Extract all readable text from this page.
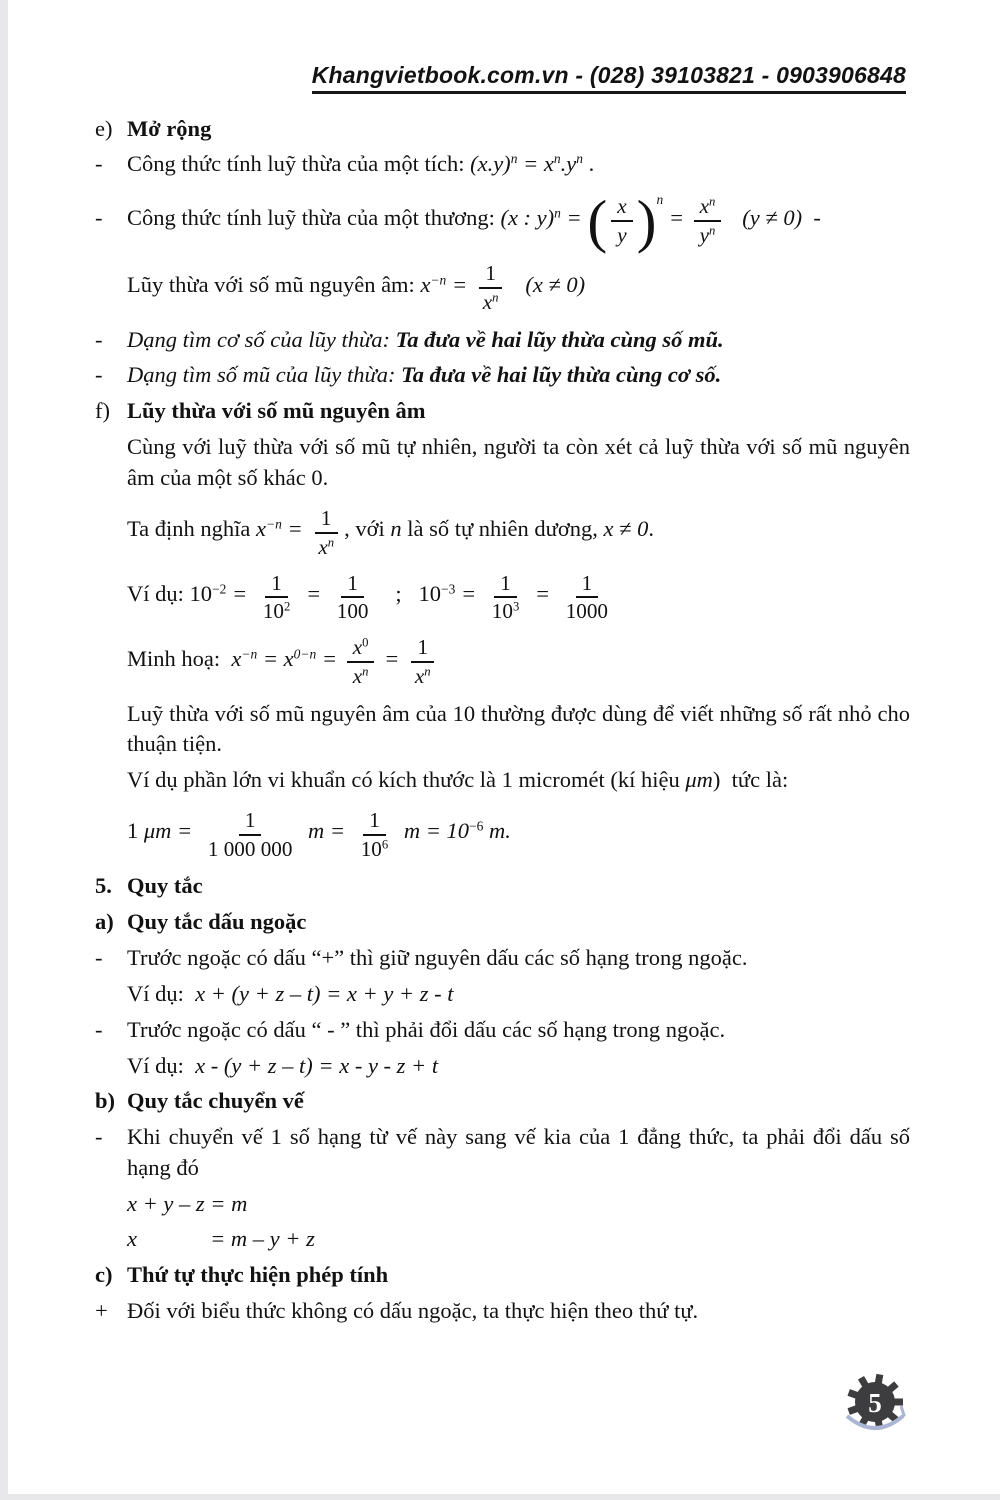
Khangvietbook.com.vn - (028) 39103821 - 0903906848
e) Mở rộng
-	Công thức tính luỹ thừa của một tích: $(x.y)^n = x^n.y^n$ .
-	Công thức tính luỹ thừa của một thương: (x : y)$^n$ = ( $\frac{x}{y} )^n = \frac{x^n}{y^n} (y \ne 0)$  -
Lũy thừa với số mũ nguyên âm: $x^{-n} = \frac{1}{x^n} (x \ne 0)$
-	Dạng tìm cơ số của lũy thừa: Ta đưa về hai lũy thừa cùng số mũ.
-	Dạng tìm số mũ của lũy thừa: Ta đưa về hai lũy thừa cùng cơ số.
f) Lũy thừa với số mũ nguyên âm
Cùng với luỹ thừa với số mũ tự nhiên, người ta còn xét cả luỹ thừa với số mũ nguyên âm của một số khác 0.
Ta định nghĩa $x^{-n} = \frac{1}{x^n}$ , với n là số tự nhiên dương, x ≠ 0.
Ví dụ: $10^{-2} = \frac{1}{10^2} = \frac{1}{100}$ ;   $10^{-3} = \frac{1}{10^3} = \frac{1}{1000}$
Minh hoạ:  $x^{-n} = x^{0-n} = \frac{x^0}{x^n} = \frac{1}{x^n}$
Luỹ thừa với số mũ nguyên âm của 10 thường được dùng để viết những số rất nhỏ cho thuận tiện.
Ví dụ phần lớn vi khuẩn có kích thước là 1 micromét (kí hiệu μm)  tức là:
1 $\mu m = \frac{1}{1 000 000}$ $m = \frac{1}{10^6}$ $m = 10^{-6}$ m.
5. Quy tắc
a) Quy tắc dấu ngoặc
-	Trước ngoặc có dấu “+” thì giữ nguyên dấu các số hạng trong ngoặc.
Ví dụ:  x + (y + z – t) = x + y + z - t
-	Trước ngoặc có dấu “ - ” thì phải đổi dấu các số hạng trong ngoặc.
Ví dụ:  x - (y + z – t) = x - y - z + t
b) Quy tắc chuyển vế
-	Khi chuyển vế 1 số hạng từ vế này sang vế kia của 1 đẳng thức, ta phải đổi dấu số hạng đó
x + y – z = m
x	= m – y + z
c) Thứ tự thực hiện phép tính
+ Đối với biểu thức không có dấu ngoặc, ta thực hiện theo thứ tự.
5
